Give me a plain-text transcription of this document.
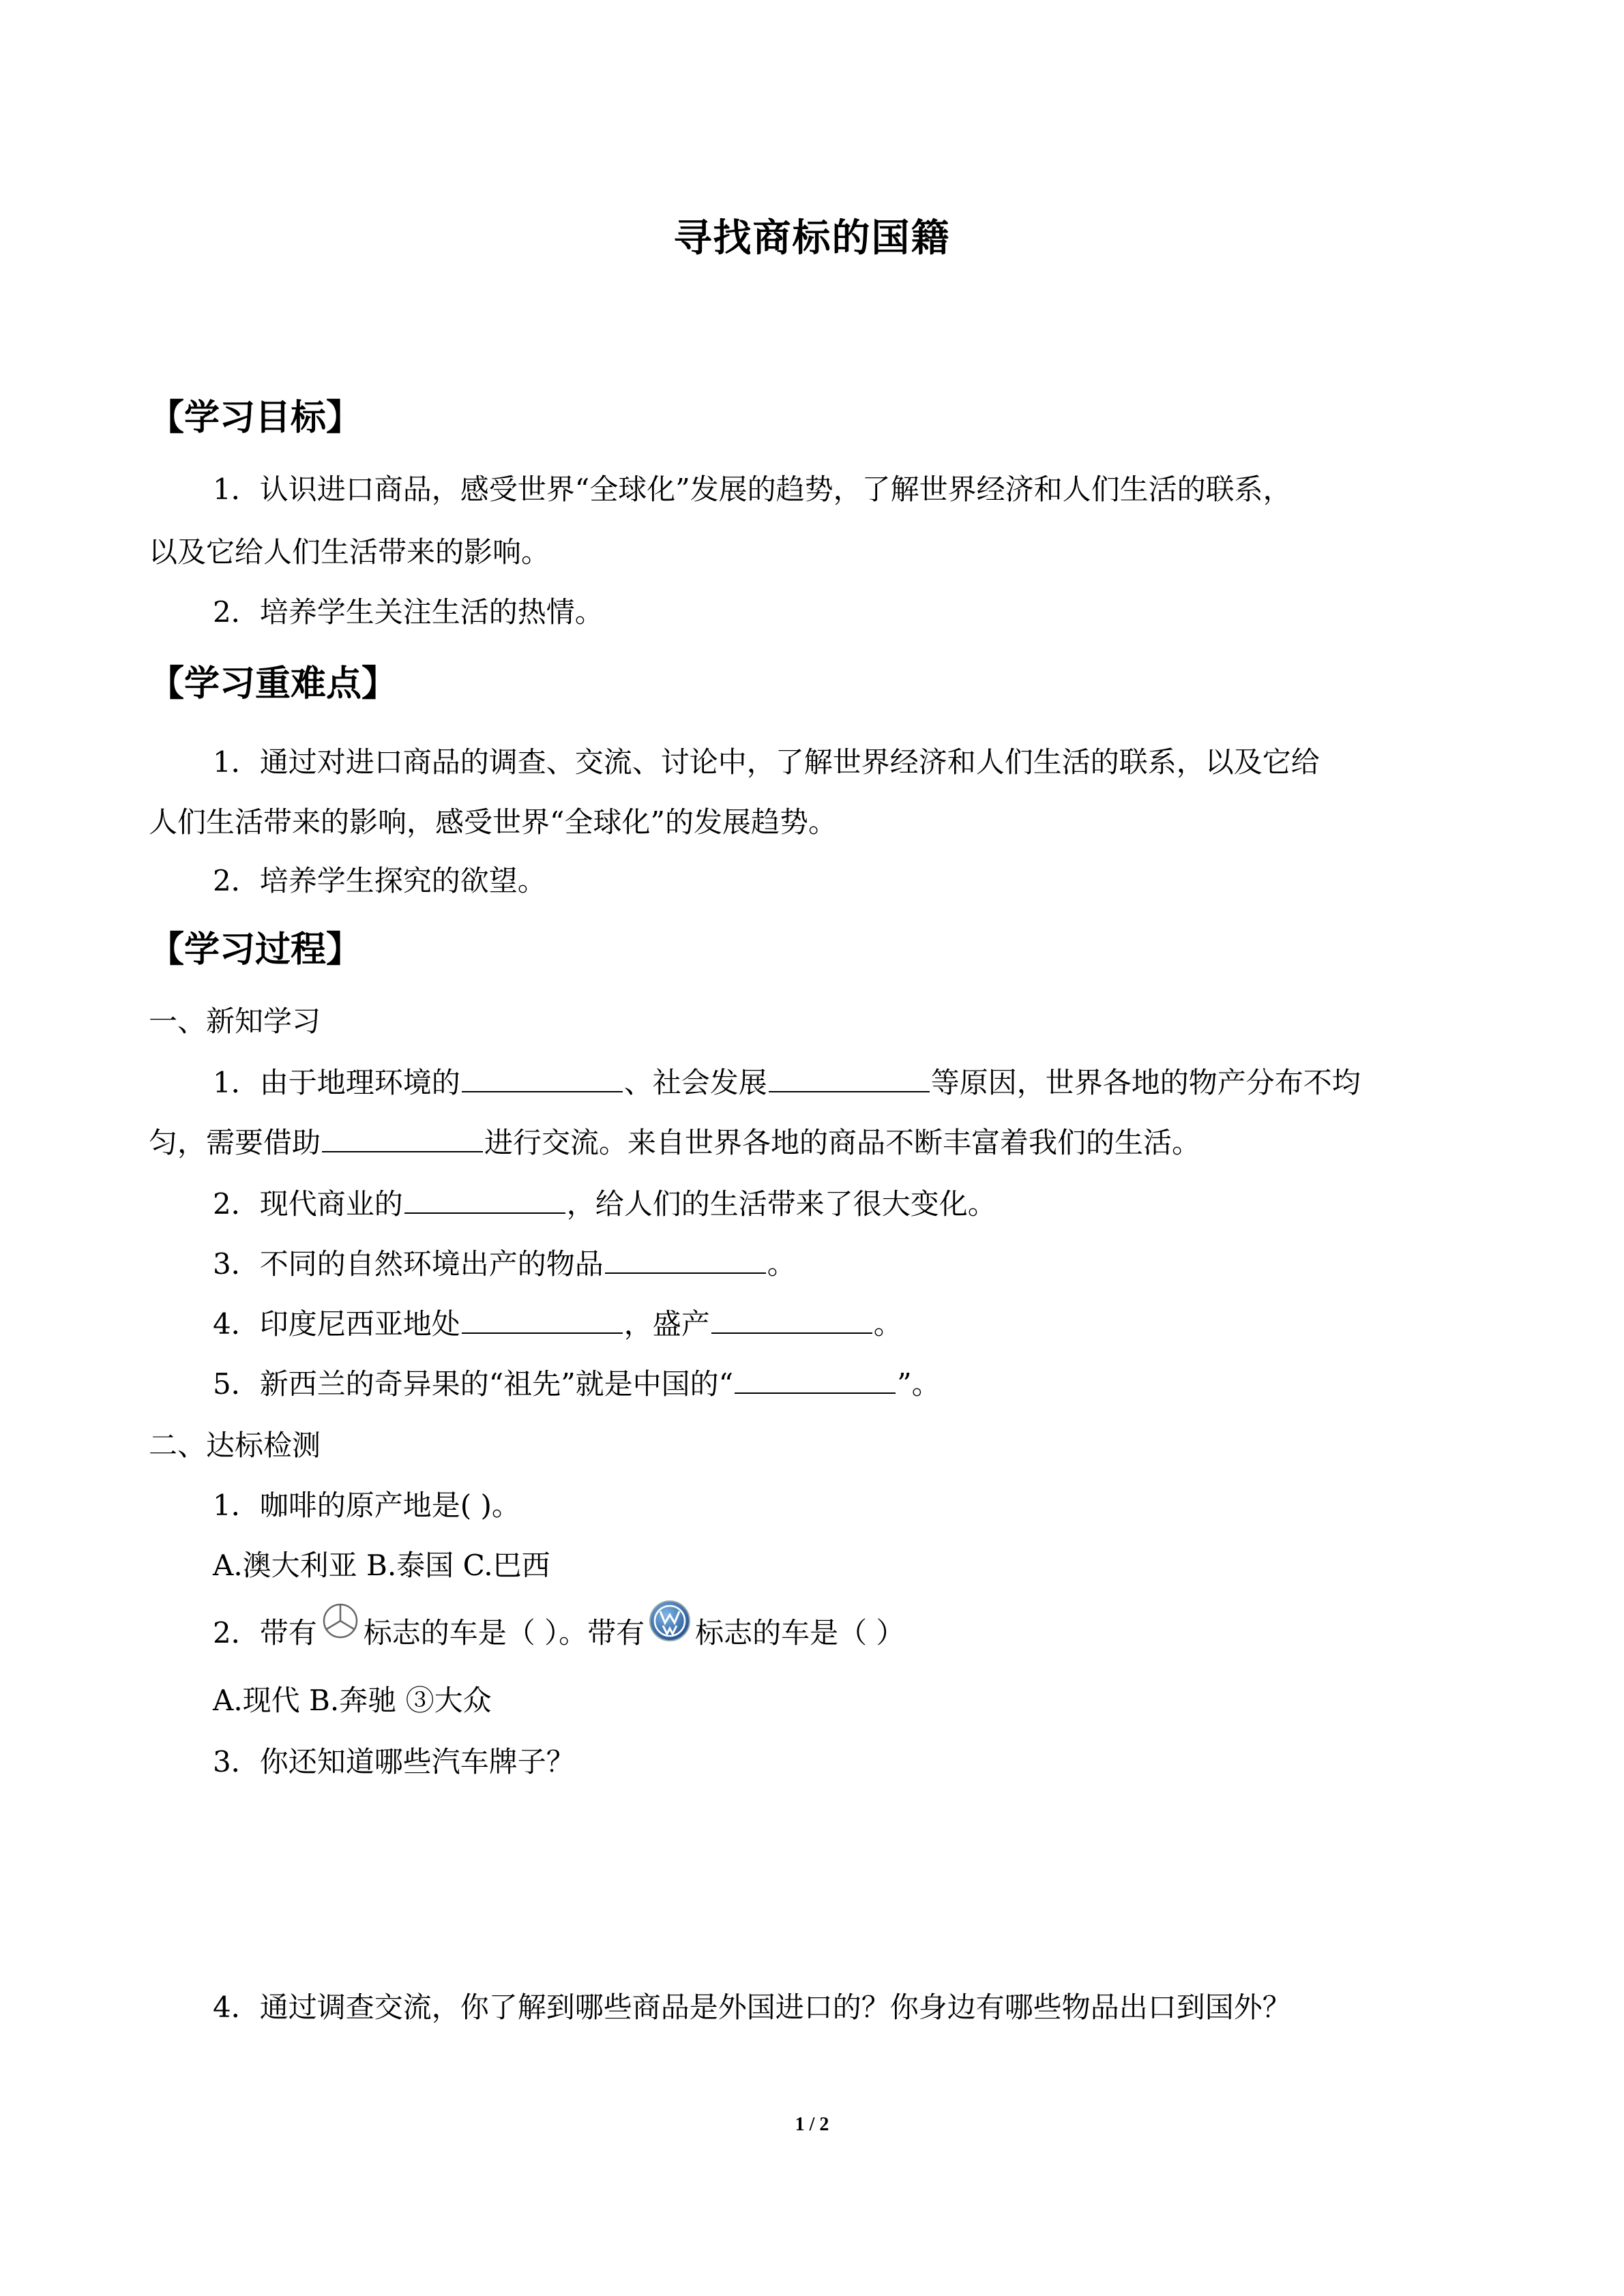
寻找商标的国籍
【学习目标】
1．认识进口商品，感受世界“全球化”发展的趋势，了解世界经济和人们生活的联系，
以及它给人们生活带来的影响。
2．培养学生关注生活的热情。
【学习重难点】
1．通过对进口商品的调查、交流、讨论中，了解世界经济和人们生活的联系，以及它给
人们生活带来的影响，感受世界“全球化”的发展趋势。
2．培养学生探究的欲望。
【学习过程】
一、新知学习
1．由于地理环境的	、社会发展	等原因，世界各地的物产分布不均
匀，需要借助	进行交流。来自世界各地的商品不断丰富着我们的生活。
2．现代商业的	，给人们的生活带来了很大变化。
3．不同的自然环境出产的物品	。
4．印度尼西亚地处	，盛产	。
5．新西兰的奇异果的“祖先”就是中国的“	”。
二、达标检测
1．咖啡的原产地是( )。
A.澳大利亚 B.泰国 C.巴西
2．带有 标志的车是（ ）。带有 标志的车是（ ）
A.现代 B.奔驰 ③大众
3．你还知道哪些汽车牌子？
4．通过调查交流，你了解到哪些商品是外国进口的？你身边有哪些物品出口到国外？
1 / 2
